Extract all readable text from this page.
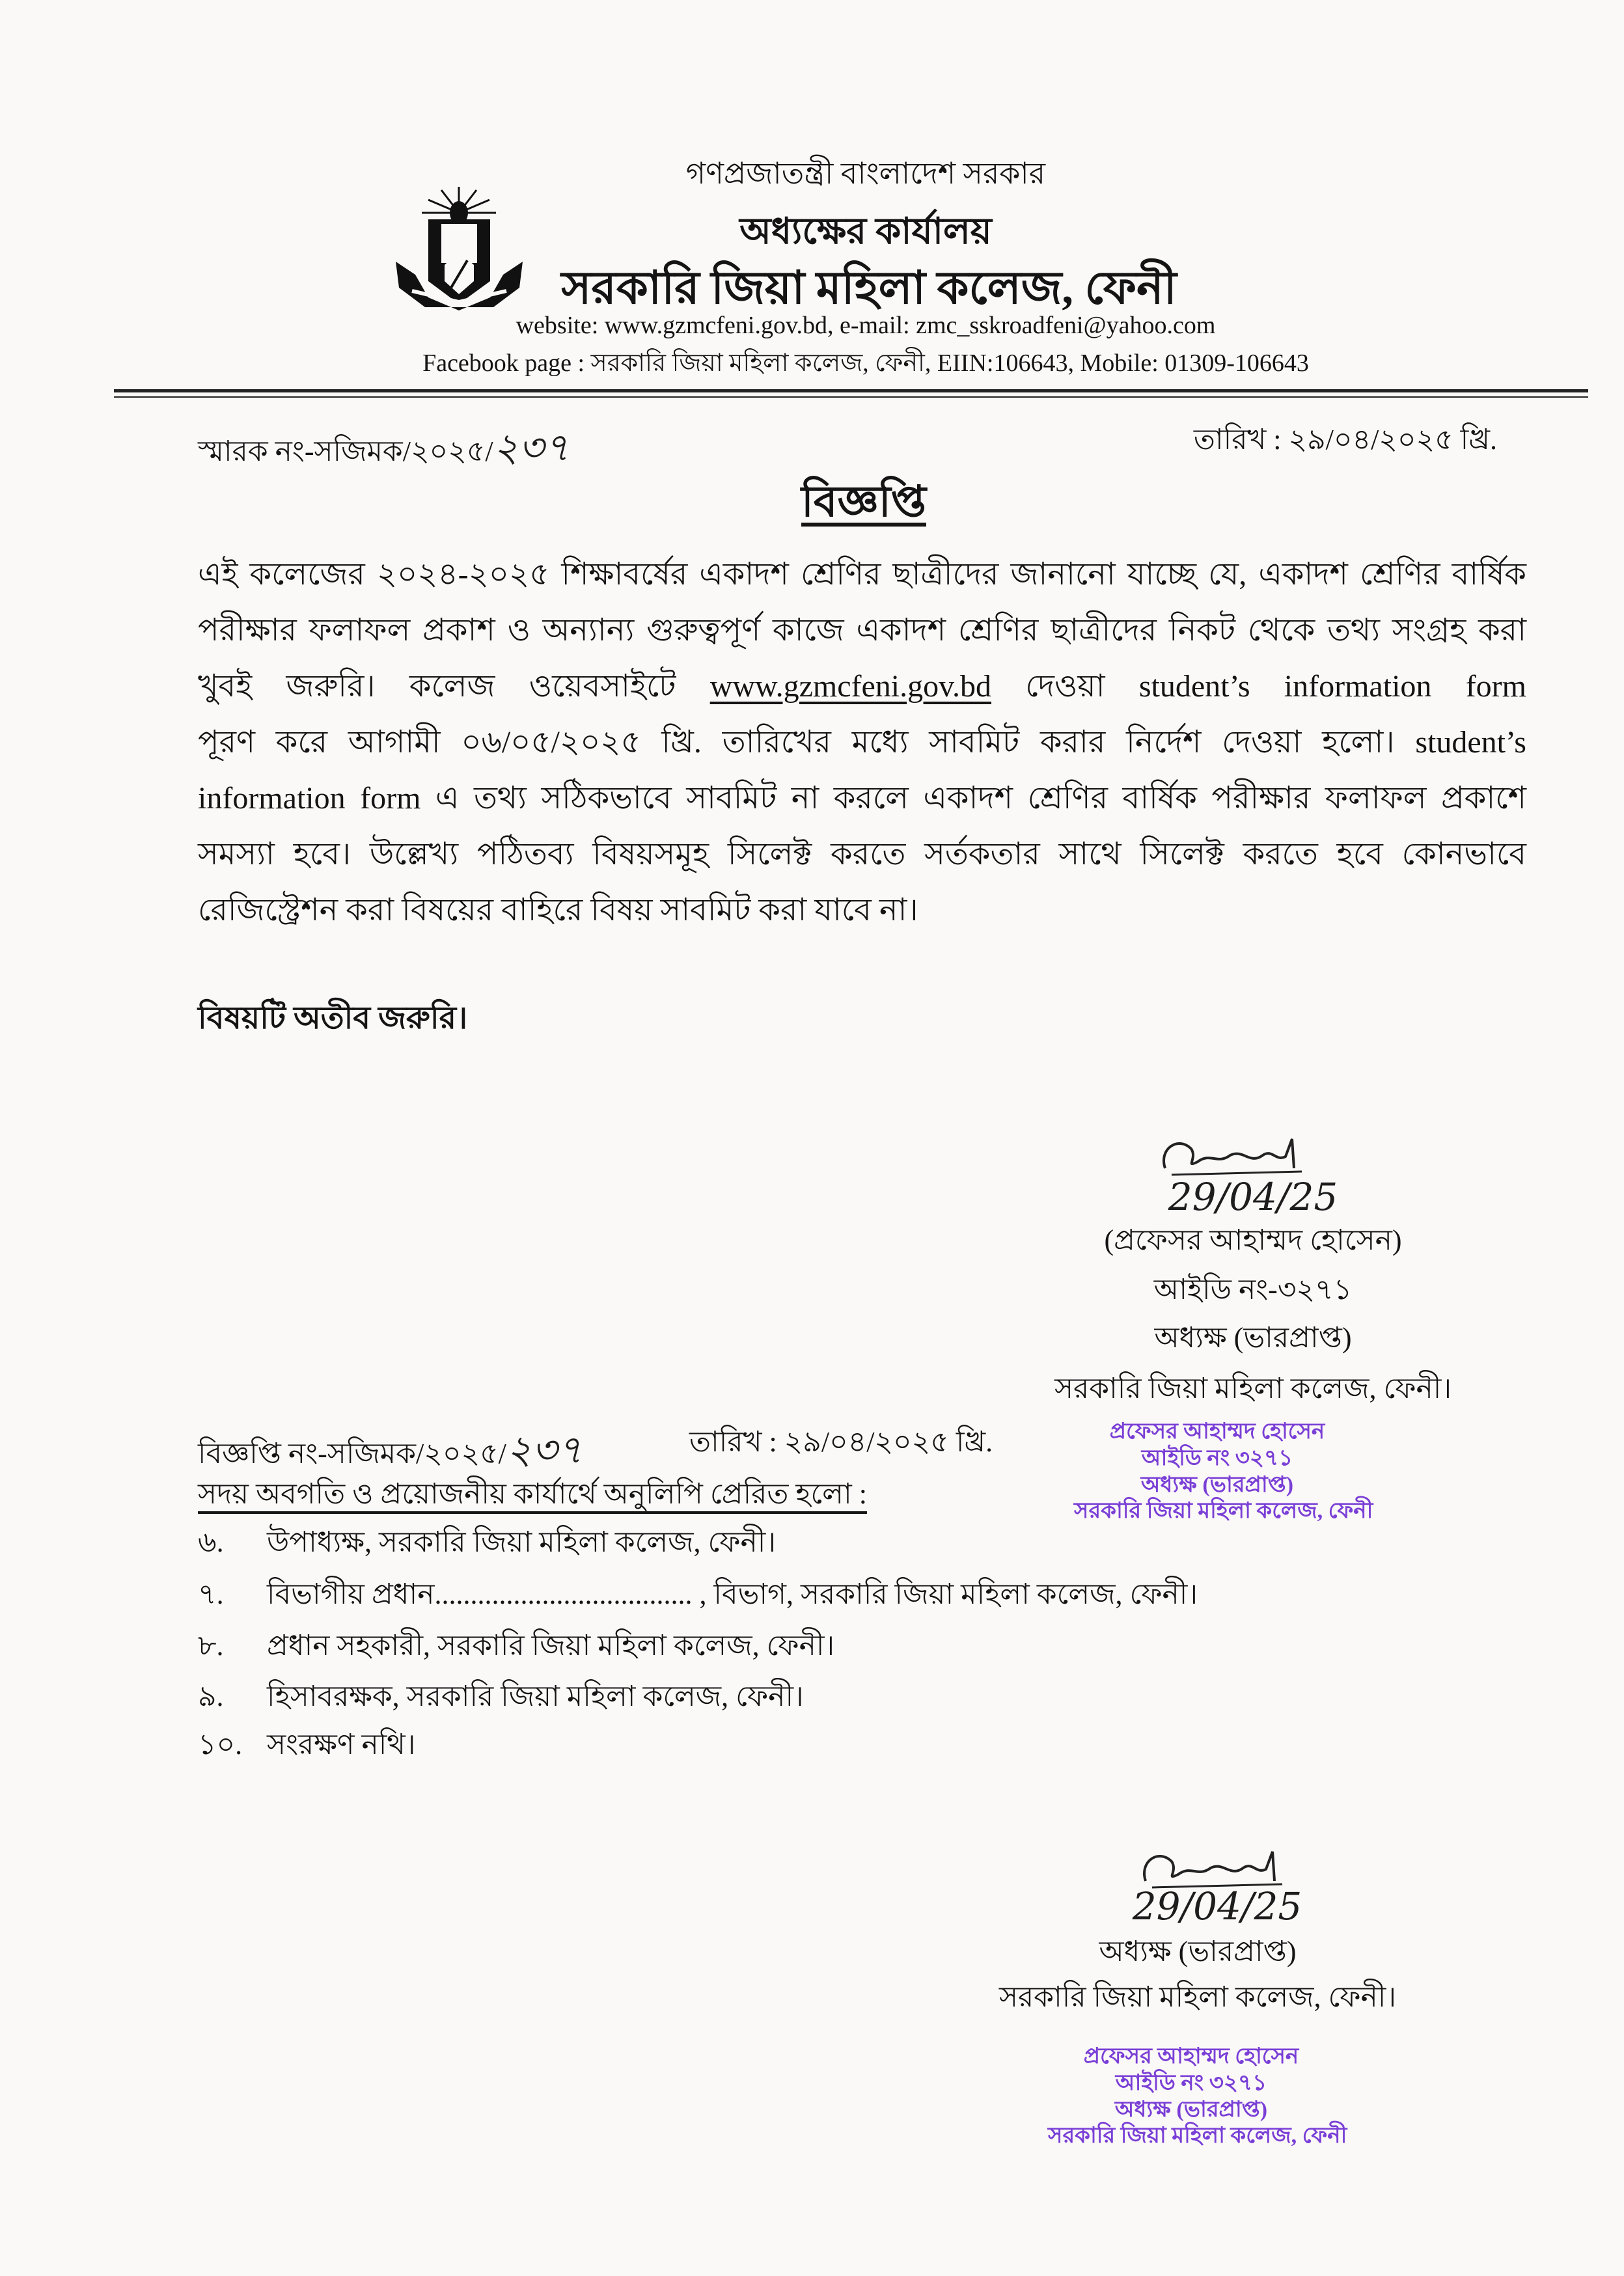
গণপ্রজাতন্ত্রী বাংলাদেশ সরকার
অধ্যক্ষের কার্যালয়
সরকারি জিয়া মহিলা কলেজ, ফেনী
website: www.gzmcfeni.gov.bd, e-mail: zmc_sskroadfeni@yahoo.com
Facebook page : সরকারি জিয়া মহিলা কলেজ, ফেনী, EIIN:106643, Mobile: 01309-106643
স্মারক নং-সজিমক/২০২৫/২৩৭	তারিখ : ২৯/০৪/২০২৫ খ্রি.
বিজ্ঞপ্তি
এই কলেজের ২০২৪-২০২৫ শিক্ষাবর্ষের একাদশ শ্রেণির ছাত্রীদের জানানো যাচ্ছে যে, একাদশ শ্রেণির বার্ষিক
পরীক্ষার ফলাফল প্রকাশ ও অন্যান্য গুরুত্বপূর্ণ কাজে একাদশ শ্রেণির ছাত্রীদের নিকট থেকে তথ্য সংগ্রহ করা
খুবই জরুরি। কলেজ ওয়েবসাইটে www.gzmcfeni.gov.bd দেওয়া student’s information form
পূরণ করে আগামী ০৬/০৫/২০২৫ খ্রি. তারিখের মধ্যে সাবমিট করার নির্দেশ দেওয়া হলো। student’s
information form এ তথ্য সঠিকভাবে সাবমিট না করলে একাদশ শ্রেণির বার্ষিক পরীক্ষার ফলাফল প্রকাশে
সমস্যা হবে। উল্লেখ্য পঠিতব্য বিষয়সমূহ সিলেক্ট করতে সর্তকতার সাথে সিলেক্ট করতে হবে কোনভাবে
রেজিস্ট্রেশন করা বিষয়ের বাহিরে বিষয় সাবমিট করা যাবে না।
বিষয়টি অতীব জরুরি।
29/04/25
(প্রফেসর আহাম্মদ হোসেন)
আইডি নং-৩২৭১
অধ্যক্ষ (ভারপ্রাপ্ত)
সরকারি জিয়া মহিলা কলেজ, ফেনী।
বিজ্ঞপ্তি নং-সজিমক/২০২৫/২৩৭	তারিখ : ২৯/০৪/২০২৫ খ্রি.	প্রফেসর আহাম্মদ হোসেন
আইডি নং ৩২৭১
অধ্যক্ষ (ভারপ্রাপ্ত)
সরকারি জিয়া মহিলা কলেজ, ফেনী
সদয় অবগতি ও প্রয়োজনীয় কার্যার্থে অনুলিপি প্রেরিত হলো :
৬. উপাধ্যক্ষ, সরকারি জিয়া মহিলা কলেজ, ফেনী।
৭. বিভাগীয় প্রধান.................................... , বিভাগ, সরকারি জিয়া মহিলা কলেজ, ফেনী।
৮. প্রধান সহকারী, সরকারি জিয়া মহিলা কলেজ, ফেনী।
৯. হিসাবরক্ষক, সরকারি জিয়া মহিলা কলেজ, ফেনী।
১০. সংরক্ষণ নথি।
29/04/25
অধ্যক্ষ (ভারপ্রাপ্ত)
সরকারি জিয়া মহিলা কলেজ, ফেনী।
প্রফেসর আহাম্মদ হোসেন
আইডি নং ৩২৭১
অধ্যক্ষ (ভারপ্রাপ্ত)
সরকারি জিয়া মহিলা কলেজ, ফেনী
